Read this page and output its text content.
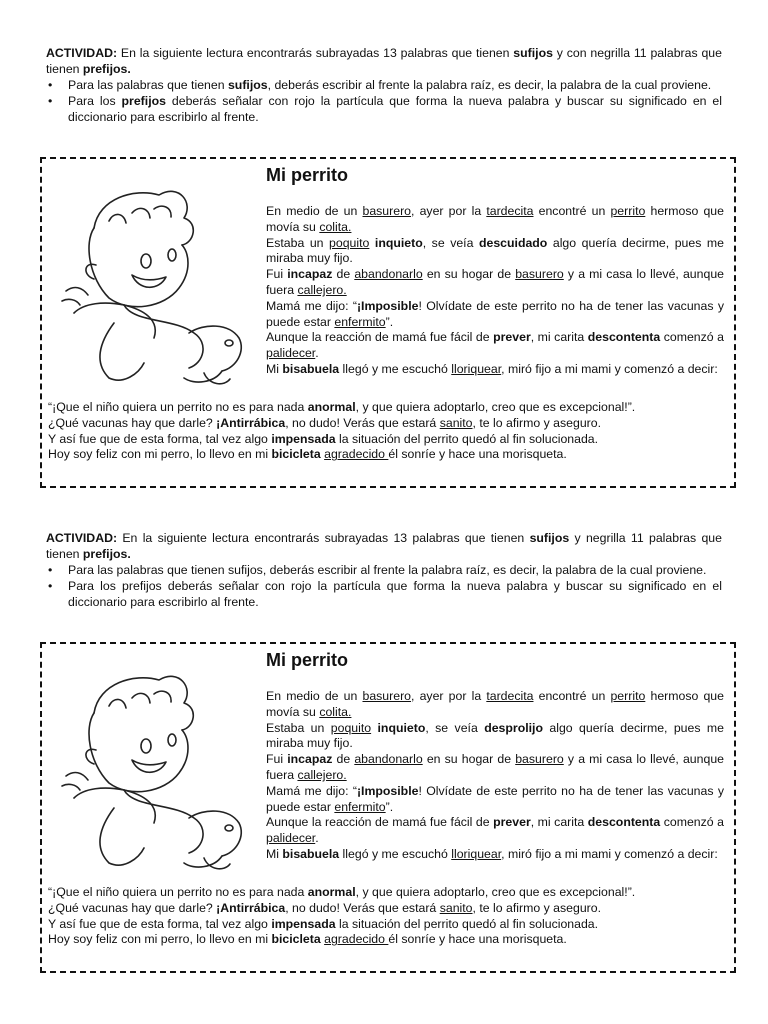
ACTIVIDAD: En la siguiente lectura encontrarás subrayadas 13 palabras que tienen sufijos y con negrilla 11 palabras que tienen prefijos.
• Para las palabras que tienen sufijos, deberás escribir al frente la palabra raíz, es decir, la palabra de la cual proviene.
• Para los prefijos deberás señalar con rojo la partícula que forma la nueva palabra y buscar su significado en el diccionario para escribirlo al frente.
Mi perrito

En medio de un basurero, ayer por la tardecita encontré un perrito hermoso que movía su colita.

Estaba un poquito inquieto, se veía descuidado algo quería decirme, pues me miraba muy fijo.

Fui incapaz de abandonarlo en su hogar de basurero y a mi casa lo llevé, aunque fuera callejero.

Mamá me dijo: “¡Imposible! Olvídate de este perrito no ha de tener las vacunas y puede estar enfermito”.

Aunque la reacción de mamá fue fácil de prever, mi carita descontenta comenzó a palidecer.

Mi bisabuela llegó y me escuchó lloriquear, miró fijo a mi mami y comenzó a decir:

“¡Que el niño quiera un perrito no es para nada anormal, y que quiera adoptarlo, creo que es excepcional!”.

¿Qué vacunas hay que darle? ¡Antirrábica, no dudo! Verás que estará sanito, te lo afirmo y aseguro.

Y así fue que de esta forma, tal vez algo impensada la situación del perrito quedó al fin solucionada.

Hoy soy feliz con mi perro, lo llevo en mi bicicleta agradecido él sonríe y hace una morisqueta.

ACTIVIDAD: En la siguiente lectura encontrarás subrayadas 13 palabras que tienen sufijos y negrilla 11 palabras que tienen prefijos.
• Para las palabras que tienen sufijos, deberás escribir al frente la palabra raíz, es decir, la palabra de la cual proviene.
• Para los prefijos deberás señalar con rojo la partícula que forma la nueva palabra y buscar su significado en el diccionario para escribirlo al frente.
Mi perrito

En medio de un basurero, ayer por la tardecita encontré un perrito hermoso que movía su colita.

Estaba un poquito inquieto, se veía desprolijo algo quería decirme, pues me miraba muy fijo.

Fui incapaz de abandonarlo en su hogar de basurero y a mi casa lo llevé, aunque fuera callejero.

Mamá me dijo: “¡Imposible! Olvídate de este perrito no ha de tener las vacunas y puede estar enfermito”.

Aunque la reacción de mamá fue fácil de prever, mi carita descontenta comenzó a palidecer.

Mi bisabuela llegó y me escuchó lloriquear, miró fijo a mi mami y comenzó a decir:

“¡Que el niño quiera un perrito no es para nada anormal, y que quiera adoptarlo, creo que es excepcional!”.

¿Qué vacunas hay que darle? ¡Antirrábica, no dudo! Verás que estará sanito, te lo afirmo y aseguro.

Y así fue que de esta forma, tal vez algo impensada la situación del perrito quedó al fin solucionada.

Hoy soy feliz con mi perro, lo llevo en mi bicicleta agradecido él sonríe y hace una morisqueta.
